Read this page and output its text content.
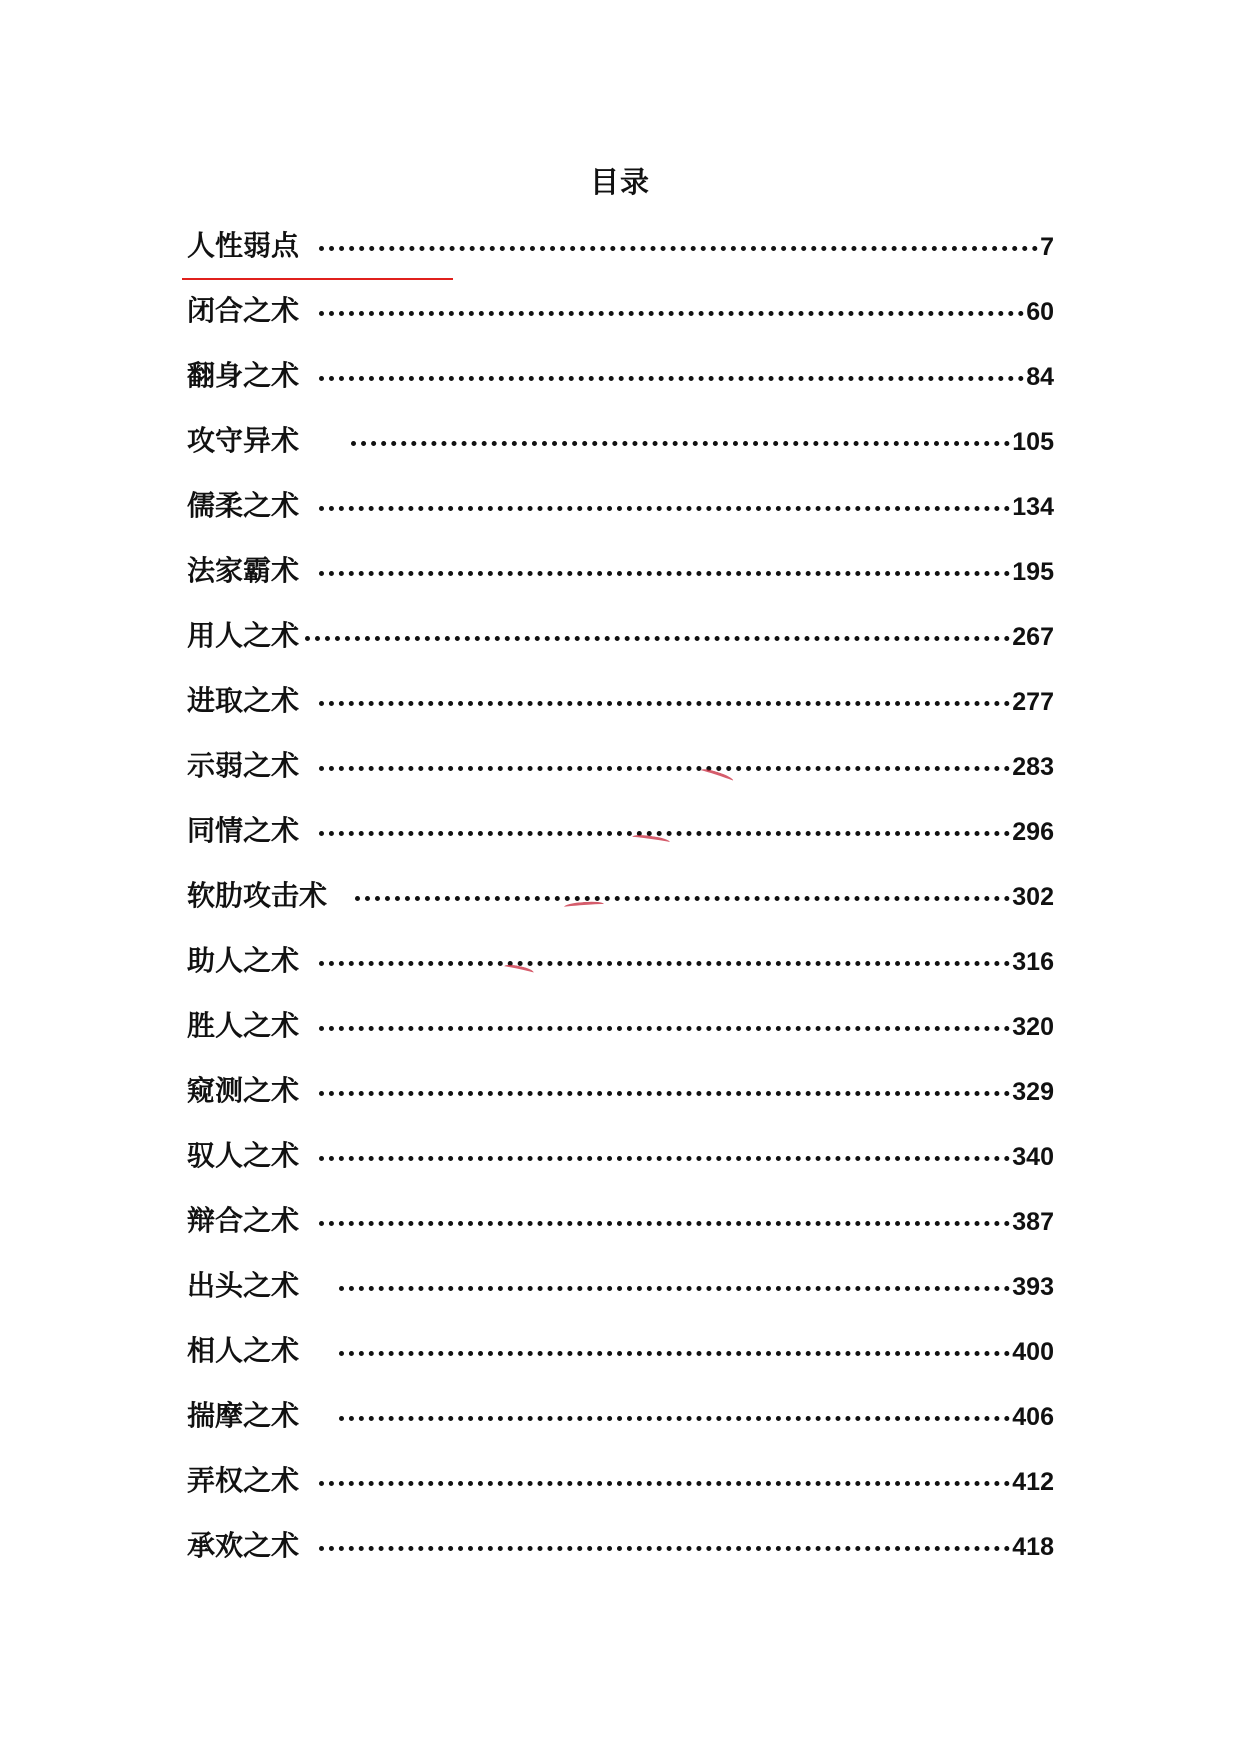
目录
人性弱点	7
闭合之术	60
翻身之术	84
攻守异术	105
儒柔之术	134
法家霸术	195
用人之术	267
进取之术	277
示弱之术	283
同情之术	296
软肋攻击术	302
助人之术	316
胜人之术	320
窥测之术	329
驭人之术	340
辩合之术	387
出头之术	393
相人之术	400
揣摩之术	406
弄权之术	412
承欢之术	418
